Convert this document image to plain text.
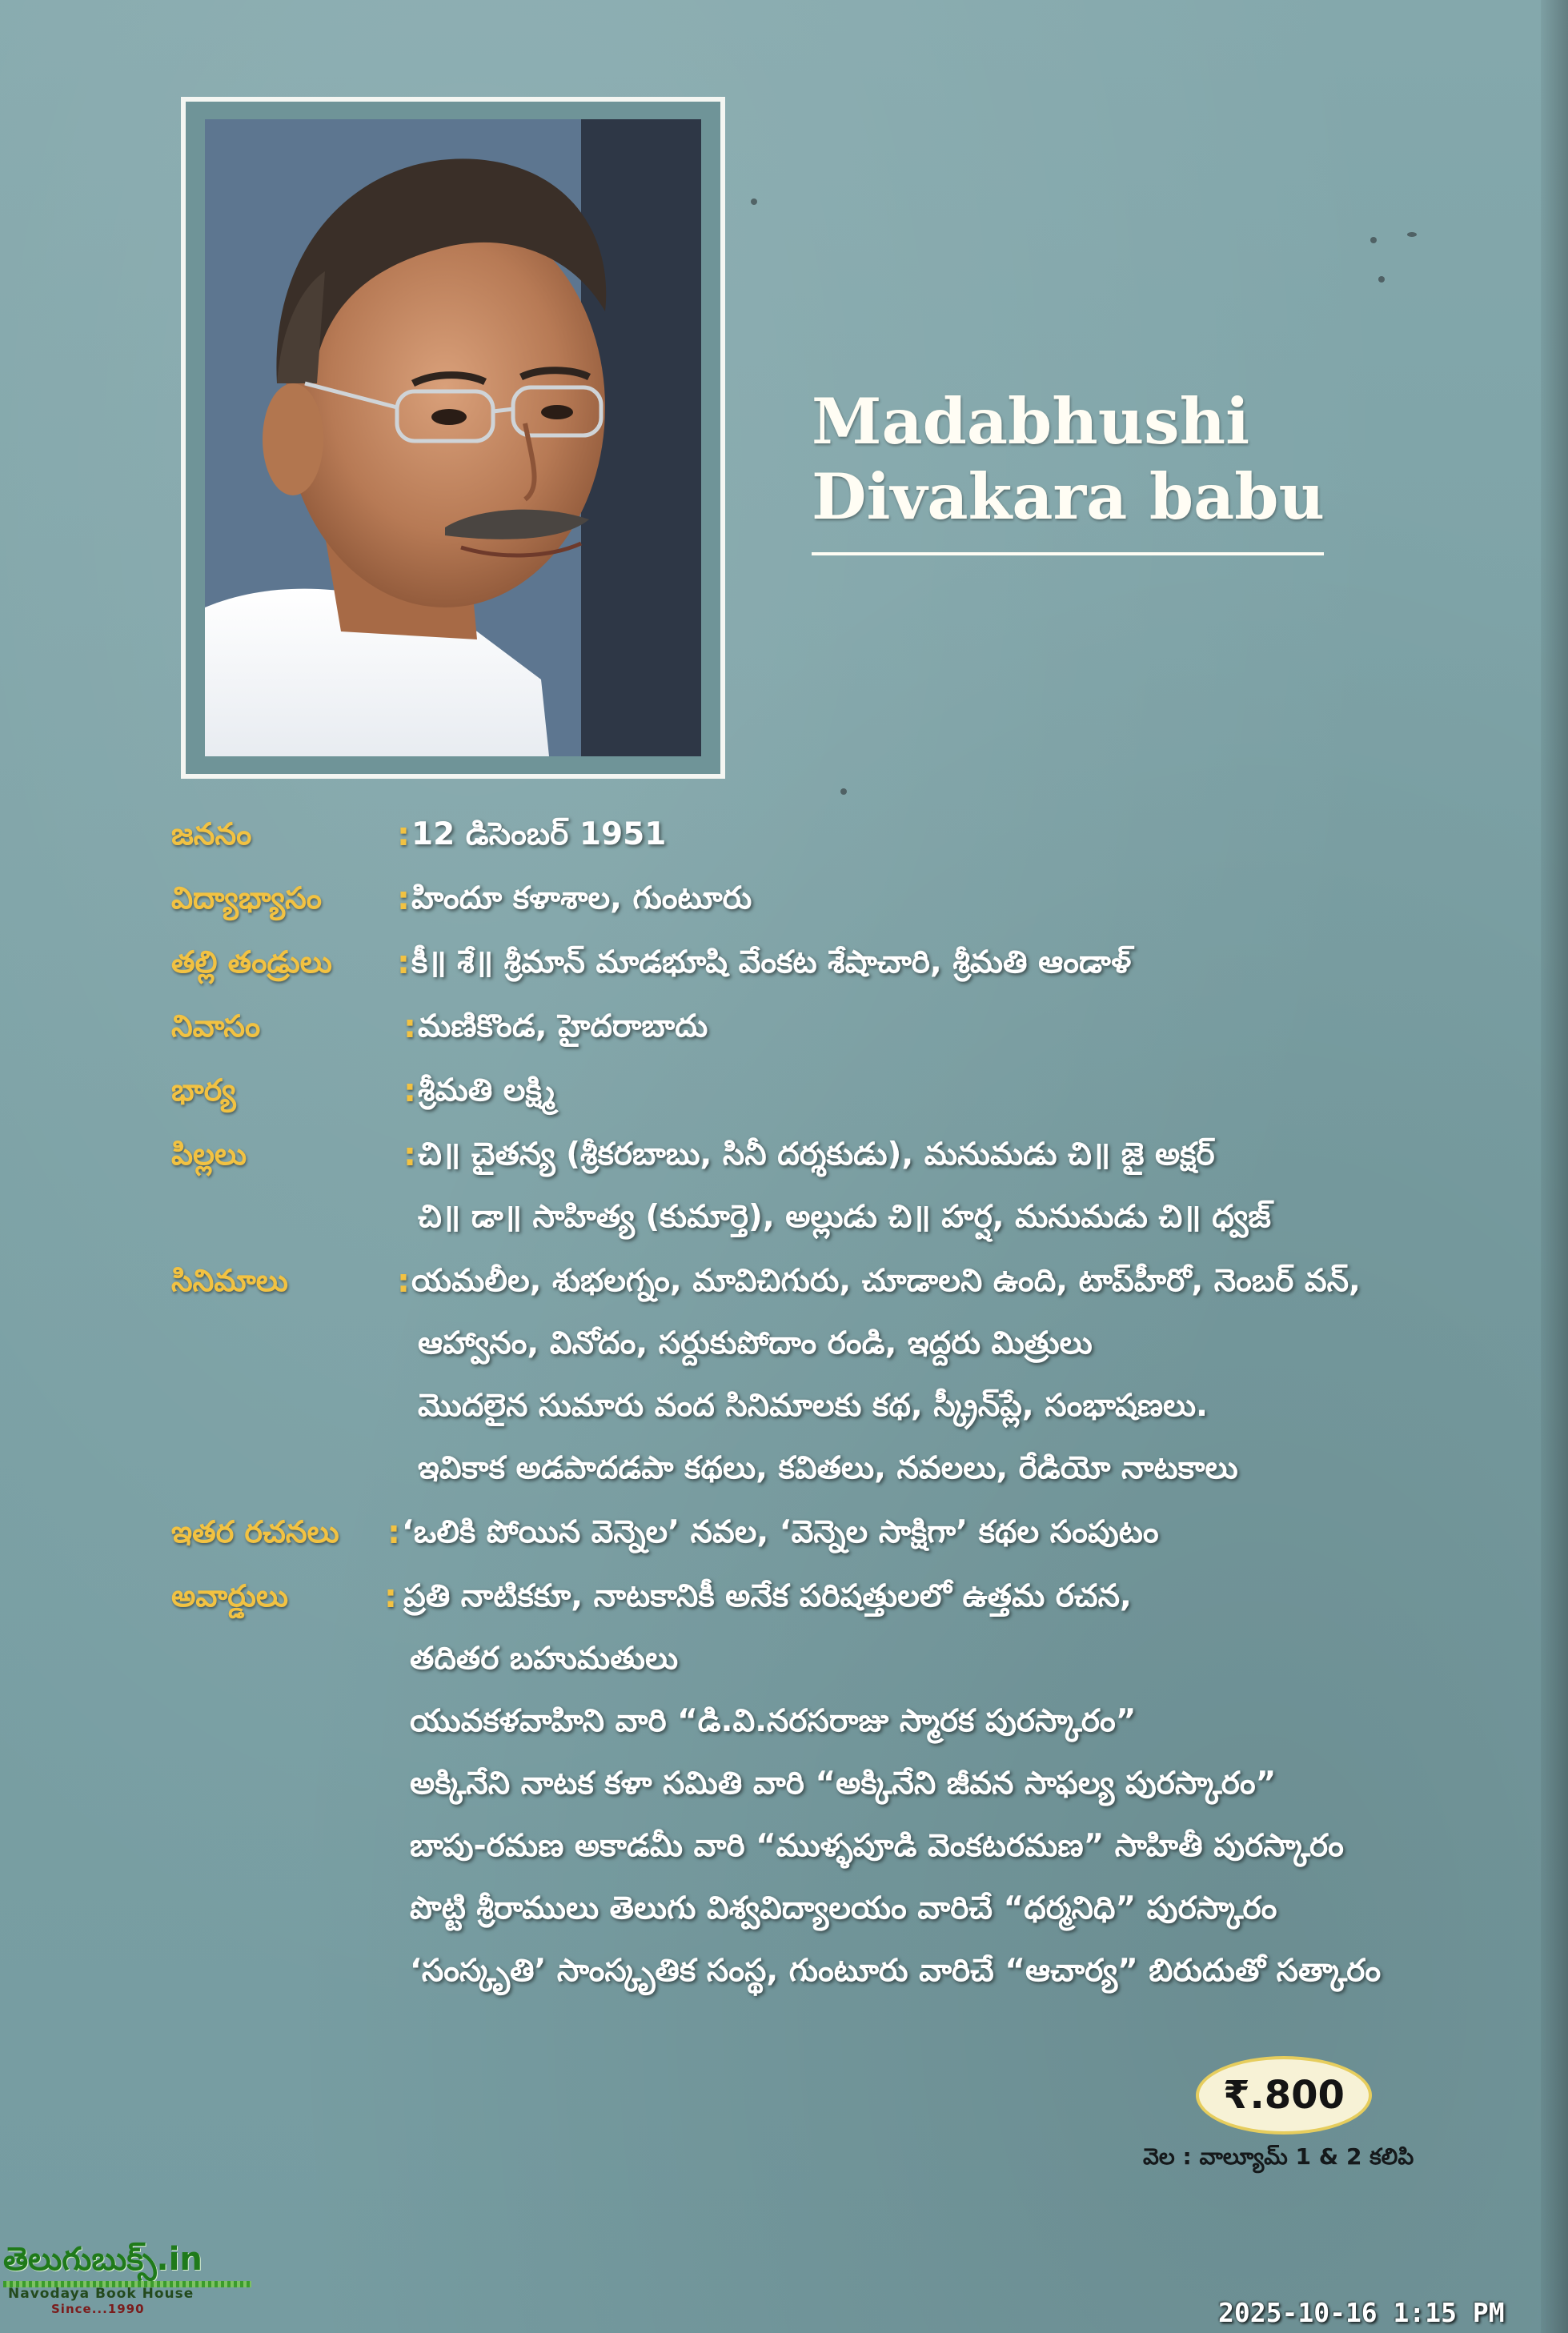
Madabhushi
Divakara babu
జననం	: 12 డిసెంబర్ 1951
విద్యాభ్యాసం : హిందూ కళాశాల, గుంటూరు
తల్లి తండ్రులు : కీ॥ శే॥ శ్రీమాన్ మాడభూషి వేంకట శేషాచారి, శ్రీమతి ఆండాళ్
నివాసం	: మణికొండ, హైదరాబాదు
భార్య	: శ్రీమతి లక్ష్మి
పిల్లలు	: చి॥ చైతన్య (శ్రీకరబాబు, సినీ దర్శకుడు), మనుమడు చి॥ జై అక్షర్
చి॥ డా॥ సాహిత్య (కుమార్తె), అల్లుడు చి॥ హర్ష, మనుమడు చి॥ ధ్వజ్
సినిమాలు	: యమలీల, శుభలగ్నం, మావిచిగురు, చూడాలని ఉంది, టాప్‌హీరో, నెంబర్ వన్,
ఆహ్వానం, వినోదం, సర్దుకుపోదాం రండి, ఇద్దరు మిత్రులు
మొదలైన సుమారు వంద సినిమాలకు కథ, స్క్రీన్‌ప్లే, సంభాషణలు.
ఇవికాక అడపాదడపా కథలు, కవితలు, నవలలు, రేడియో నాటకాలు
ఇతర రచనలు : ‘ఒలికి పోయిన వెన్నెల’ నవల, ‘వెన్నెల సాక్షిగా’ కథల సంపుటం
అవార్డులు	: ప్రతి నాటికకూ, నాటకానికీ అనేక పరిషత్తులలో ఉత్తమ రచన,
తదితర బహుమతులు
యువకళవాహిని వారి “డి.వి.నరసరాజు స్మారక పురస్కారం”
అక్కినేని నాటక కళా సమితి వారి “అక్కినేని జీవన సాఫల్య పురస్కారం”
బాపు-రమణ అకాడమీ వారి “ముళ్ళపూడి వెంకటరమణ” సాహితీ పురస్కారం
పొట్టి శ్రీరాములు తెలుగు విశ్వవిద్యాలయం వారిచే “ధర్మనిధి” పురస్కారం
‘సంస్కృతి’ సాంస్కృతిక సంస్థ, గుంటూరు వారిచే “ఆచార్య” బిరుదుతో సత్కారం
₹.800
వెల : వాల్యూమ్ 1 & 2 కలిపి
తెలుగుబుక్స్.in
Navodaya Book House
Since...1990	2025-10-16 1:15 PM
